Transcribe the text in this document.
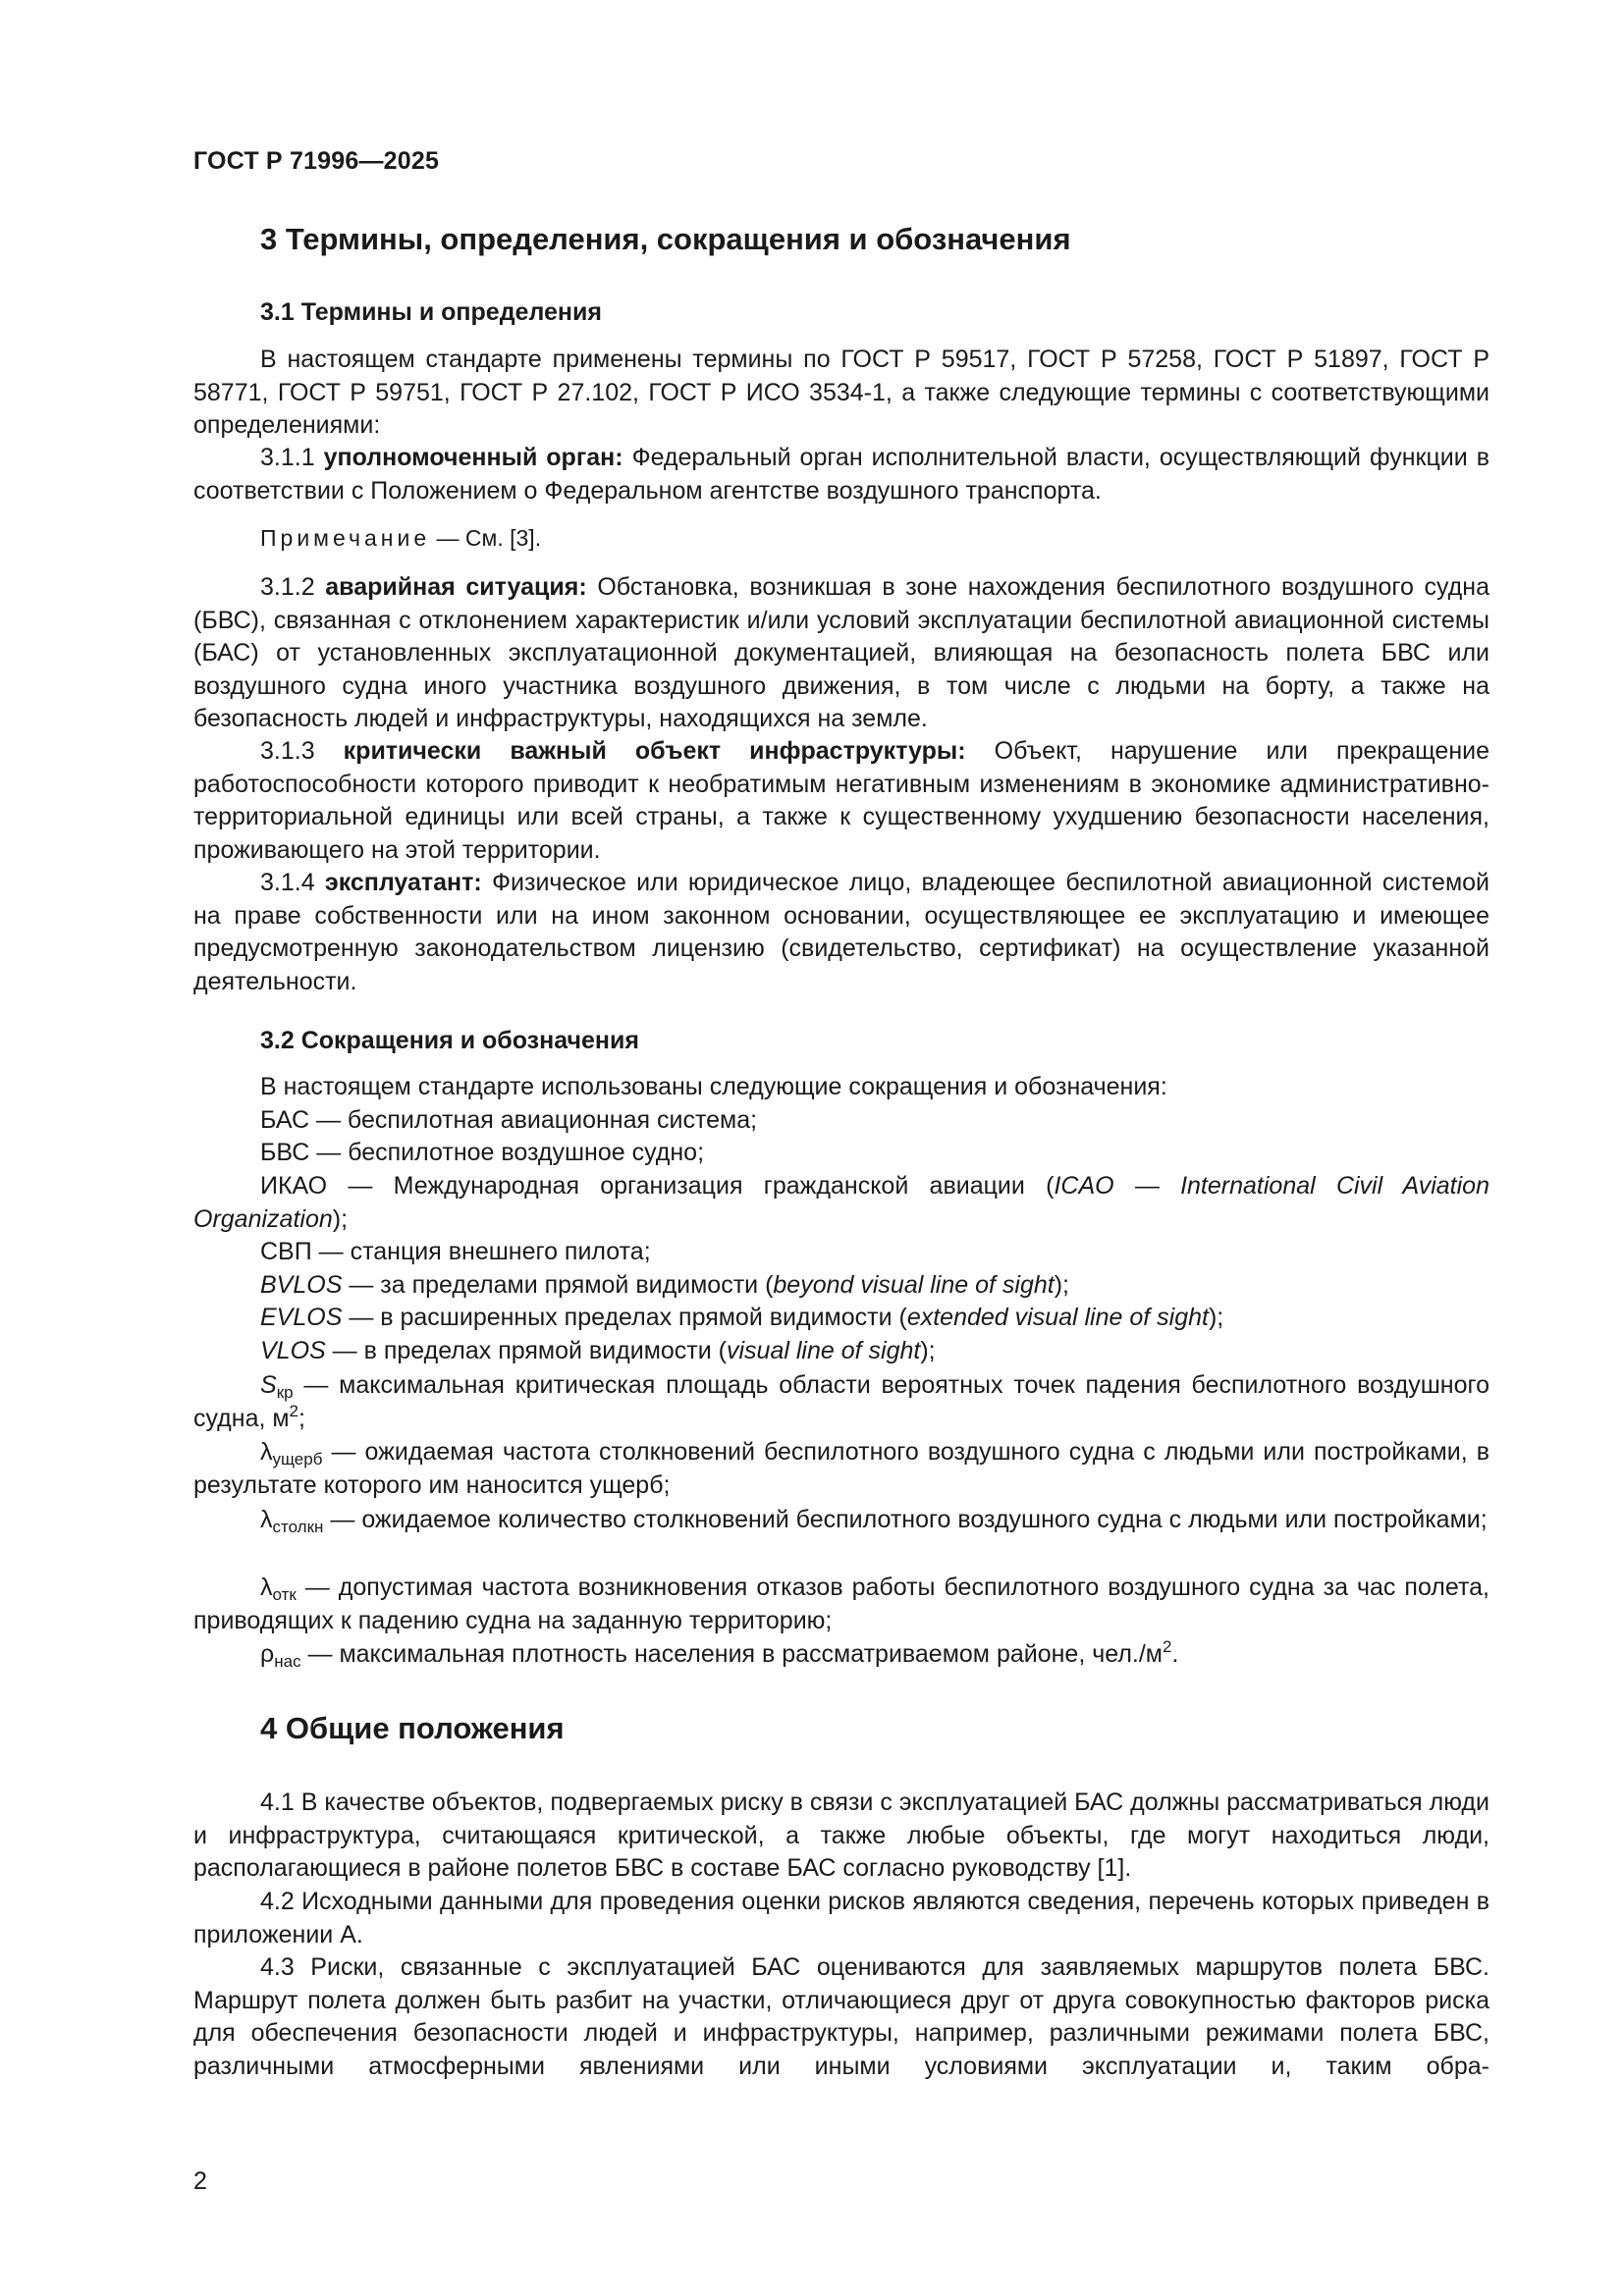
ГОСТ Р 71996—2025
3 Термины, определения, сокращения и обозначения
3.1 Термины и определения

В настоящем стандарте применены термины по ГОСТ Р 59517, ГОСТ Р 57258, ГОСТ Р 51897, ГОСТ Р 58771, ГОСТ Р 59751, ГОСТ Р 27.102, ГОСТ Р ИСО 3534-1, а также следующие термины с соответствующими определениями:

3.1.1 уполномоченный орган: Федеральный орган исполнительной власти, осуществляющий функции в соответствии с Положением о Федеральном агентстве воздушного транспорта.

Примечание — См. [3].

3.1.2 аварийная ситуация: Обстановка, возникшая в зоне нахождения беспилотного воздушного судна (БВС), связанная с отклонением характеристик и/или условий эксплуатации беспилотной авиационной системы (БАС) от установленных эксплуатационной документацией, влияющая на безопасность полета БВС или воздушного судна иного участника воздушного движения, в том числе с людьми на борту, а также на безопасность людей и инфраструктуры, находящихся на земле.

3.1.3 критически важный объект инфраструктуры: Объект, нарушение или прекращение работоспособности которого приводит к необратимым негативным изменениям в экономике административно-территориальной единицы или всей страны, а также к существенному ухудшению безопасности населения, проживающего на этой территории.

3.1.4 эксплуатант: Физическое или юридическое лицо, владеющее беспилотной авиационной системой на праве собственности или на ином законном основании, осуществляющее ее эксплуатацию и имеющее предусмотренную законодательством лицензию (свидетельство, сертификат) на осуществление указанной деятельности.

3.2 Сокращения и обозначения
В настоящем стандарте использованы следующие сокращения и обозначения:
БАС — беспилотная авиационная система;
БВС — беспилотное воздушное судно;

ИКАО — Международная организация гражданской авиации (ICAO — International Civil Aviation Organization);

СВП — станция внешнего пилота;
BVLOS — за пределами прямой видимости (beyond visual line of sight);
EVLOS — в расширенных пределах прямой видимости (extended visual line of sight);
VLOS — в пределах прямой видимости (visual line of sight);

$S_{кр}$ — максимальная критическая площадь области вероятных точек падения беспилотного воздушного судна, $м^2$;

$\lambda_{ущерб}$ — ожидаемая частота столкновений беспилотного воздушного судна с людьми или постройками, в результате которого им наносится ущерб;

$\lambda_{столкн}$ — ожидаемое количество столкновений беспилотного воздушного судна с людьми или постройками;

$\lambda_{отк}$ — допустимая частота возникновения отказов работы беспилотного воздушного судна за час полета, приводящих к падению судна на заданную территорию;

$\rho_{нас}$ — максимальная плотность населения в рассматриваемом районе, $чел./м^2$.
4 Общие положения

4.1 В качестве объектов, подвергаемых риску в связи с эксплуатацией БАС должны рассматриваться люди и инфраструктура, считающаяся критической, а также любые объекты, где могут находиться люди, располагающиеся в районе полетов БВС в составе БАС согласно руководству [1].

4.2 Исходными данными для проведения оценки рисков являются сведения, перечень которых приведен в приложении А.

4.3 Риски, связанные с эксплуатацией БАС оцениваются для заявляемых маршрутов полета БВС. Маршрут полета должен быть разбит на участки, отличающиеся друг от друга совокупностью факторов риска для обеспечения безопасности людей и инфраструктуры, например, различными режимами полета БВС, различными атмосферными явлениями или иными условиями эксплуатации и, таким обра-

2
